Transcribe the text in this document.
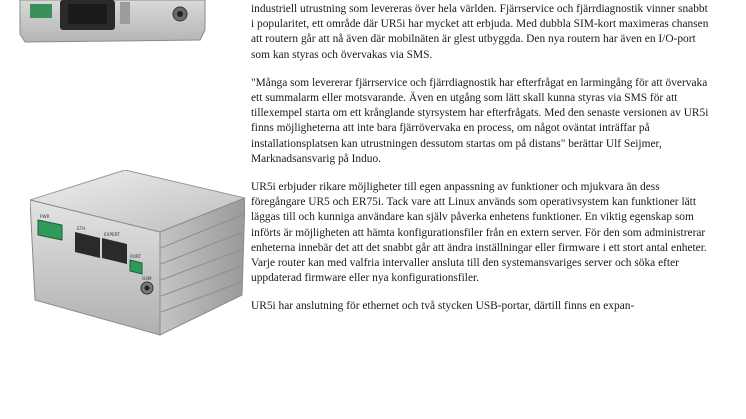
PWR
ETH
EXPERT
PORT
GSM

industriell utrustning som levereras över hela världen. Fjärrservice och fjärrdiagnostik vinner snabbt i popularitet, ett område där UR5i har mycket att erbjuda. Med dubbla SIM-kort maximeras chansen att routern går att nå även där mobilnäten är glest utbyggda. Den nya routern har även en I/O-port som kan styras och övervakas via SMS.

"Många som levererar fjärrservice och fjärrdiagnostik har efterfrågat en larmingång för att övervaka ett summalarm eller motsvarande. Även en utgång som lätt skall kunna styras via SMS för att tillexempel starta om ett krånglande styrsystem har efterfrågats. Med den senaste versionen av UR5i finns möjligheterna att inte bara fjärrövervaka en process, om något oväntat inträffar på installationsplatsen kan utrustningen dessutom startas om på distans" berättar Ulf Seijmer, Marknadsansvarig på Induo.

UR5i erbjuder rikare möjligheter till egen anpassning av funktioner och mjukvara än dess föregångare UR5 och ER75i. Tack vare att Linux används som operativsystem kan funktioner lätt läggas till och kunniga användare kan själv påverka enhetens funktioner. En viktig egenskap som införts är möjligheten att hämta konfigurationsfiler från en extern server. För den som administrerar enheterna innebär det att det snabbt går att ändra inställningar eller firmware i ett stort antal enheter. Varje router kan med valfria intervaller ansluta till den systemansvariges server och söka efter uppdaterad firmware eller nya konfigurationsfiler.

UR5i har anslutning för ethernet och två stycken USB-portar, därtill finns en expan-
